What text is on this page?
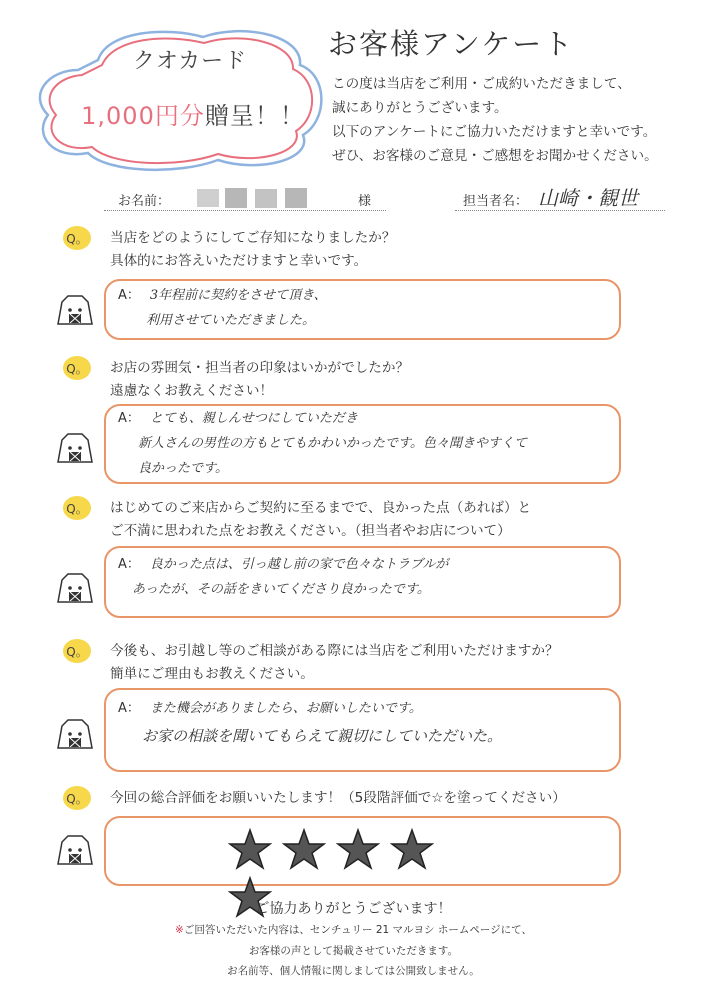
クオカード
1,000円分贈呈！！
お客様アンケート
この度は当店をご利用・ご成約いただきまして、
誠にありがとうございます。
以下のアンケートにご協力いただけますと幸いです。
ぜひ、お客様のご意見・ご感想をお聞かせください。
お名前：	様	担当者名： 山崎・観世
Q。 当店をどのようにしてご存知になりましたか？
具体的にお答えいただけますと幸いです。
A： 3年程前に契約をさせて頂き、
利用させていただきました。
Q。 お店の雰囲気・担当者の印象はいかがでしたか？
遠慮なくお教えください！
A： とても、親しんせつにしていただき
新人さんの男性の方もとてもかわいかったです。色々聞きやすくて
良かったです。
Q。 はじめてのご来店からご契約に至るまでで、良かった点（あれば）と
ご不満に思われた点をお教えください。（担当者やお店について）
A： 良かった点は、引っ越し前の家で色々なトラブルが
あったが、その話をきいてくださり良かったです。
Q。 今後も、お引越し等のご相談がある際には当店をご利用いただけますか？
簡単にご理由もお教えください。
A： また機会がありましたら、お願いしたいです。
お家の相談を聞いてもらえて親切にしていただいた。
Q。 今回の総合評価をお願いいたします！（5段階評価で☆を塗ってください）
ご協力ありがとうございます！
※ご回答いただいた内容は、センチュリー 21 マルヨシ ホームページにて、
お客様の声として掲載させていただきます。
お名前等、個人情報に関しましては公開致しません。
